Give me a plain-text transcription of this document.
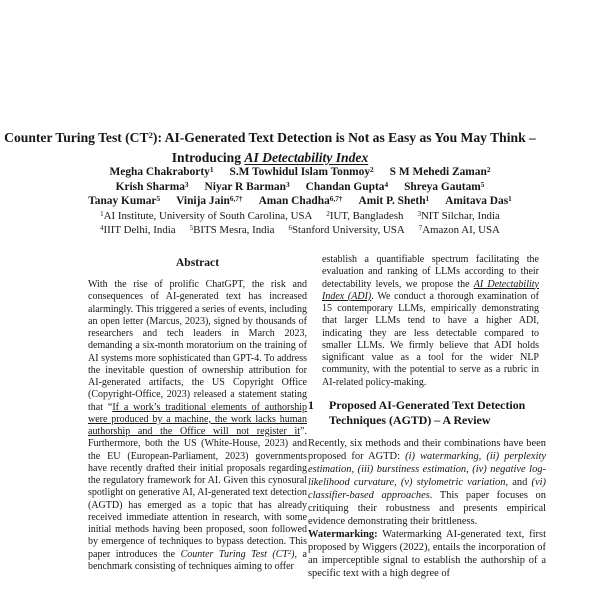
Counter Turing Test $(CT^2)$: AI-Generated Text Detection is Not as Easy as You May Think – Introducing AI Detectability Index
Megha Chakraborty$^1$ S.M Towhidul Islam Tonmoy$^2$ S M Mehedi Zaman$^2$
Krish Sharma$^3$ Niyar R Barman$^3$ Chandan Gupta$^4$ Shreya Gautam$^5$
Tanay Kumar$^5$ Vinija Jain$^{6,7\dagger}$ Aman Chadha$^{6,7\dagger}$ Amit P. Sheth$^1$ Amitava Das$^1$
$^1$AI Institute, University of South Carolina, USA $^2$IUT, Bangladesh $^3$NIT Silchar, India
$^4$IIIT Delhi, India $^5$BITS Mesra, India $^6$Stanford University, USA $^7$Amazon AI, USA
Abstract

With the rise of prolific ChatGPT, the risk and consequences of AI-generated text has increased alarmingly. This triggered a series of events, including an open letter (Marcus, 2023), signed by thousands of researchers and tech leaders in March 2023, demanding a six-month moratorium on the training of AI systems more sophisticated than GPT-4. To address the inevitable question of ownership attribution for AI-generated artifacts, the US Copyright Office (Copyright-Office, 2023) released a statement stating that “If a work’s traditional elements of authorship were produced by a machine, the work lacks human authorship and the Office will not register it”. Furthermore, both the US (White-House, 2023) and the EU (European-Parliament, 2023) governments have recently drafted their initial proposals regarding the regulatory framework for AI. Given this cynosural spotlight on generative AI, AI-generated text detection (AGTD) has emerged as a topic that has already received immediate attention in research, with some initial methods having been proposed, soon followed by emergence of techniques to bypass detection. This paper introduces the Counter Turing Test $(CT^2)$, a benchmark consisting of techniques aiming to offer

establish a quantifiable spectrum facilitating the evaluation and ranking of LLMs according to their detectability levels, we propose the AI Detectability Index (ADI). We conduct a thorough examination of 15 contemporary LLMs, empirically demonstrating that larger LLMs tend to have a higher ADI, indicating they are less detectable compared to smaller LLMs. We firmly believe that ADI holds significant value as a tool for the wider NLP community, with the potential to serve as a rubric in AI-related policy-making.

1	Proposed AI-Generated Text Detection Techniques (AGTD) – A Review

Recently, six methods and their combinations have been proposed for AGTD: (i) watermarking, (ii) perplexity estimation, (iii) burstiness estimation, (iv) negative log-likelihood curvature, (v) stylometric variation, and (vi) classifier-based approaches. This paper focuses on critiquing their robustness and presents empirical evidence demonstrating their brittleness.

Watermarking: Watermarking AI-generated text, first proposed by Wiggers (2022), entails the incorporation of an imperceptible signal to establish the authorship of a specific text with a high degree of
